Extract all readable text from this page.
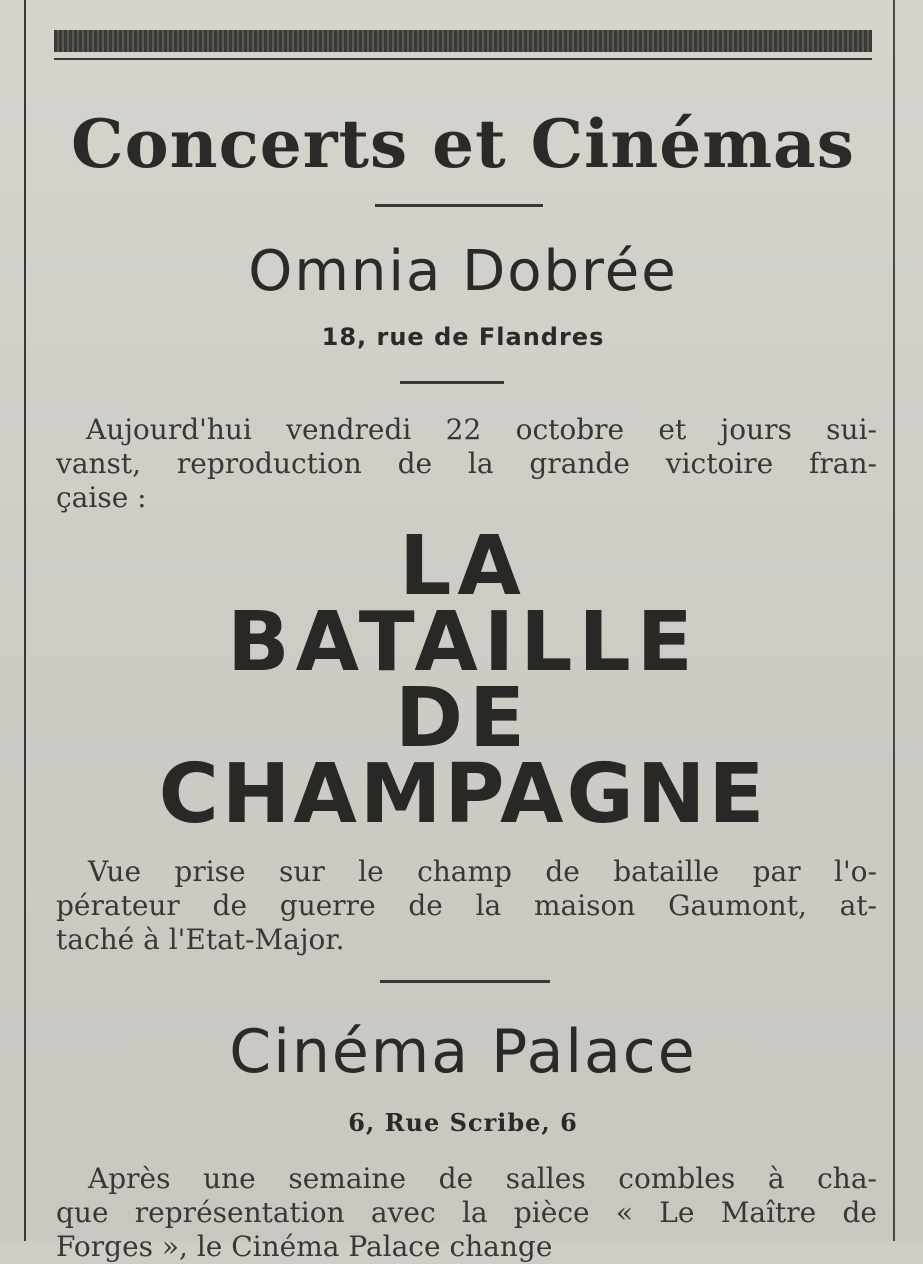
Concerts et Cinémas
Omnia Dobrée
18, rue de Flandres
Aujourd'hui vendredi 22 octobre et jours sui-
vanst, reproduction de la grande victoire fran-
çaise :
LA
BATAILLE
DE
CHAMPAGNE
Vue prise sur le champ de bataille par l'o-
pérateur de guerre de la maison Gaumont, at-
taché à l'Etat-Major.
Cinéma Palace
6, Rue Scribe, 6
Après une semaine de salles combles à cha-
que représentation avec la pièce « Le Maître de
Forges », le Cinéma Palace change
